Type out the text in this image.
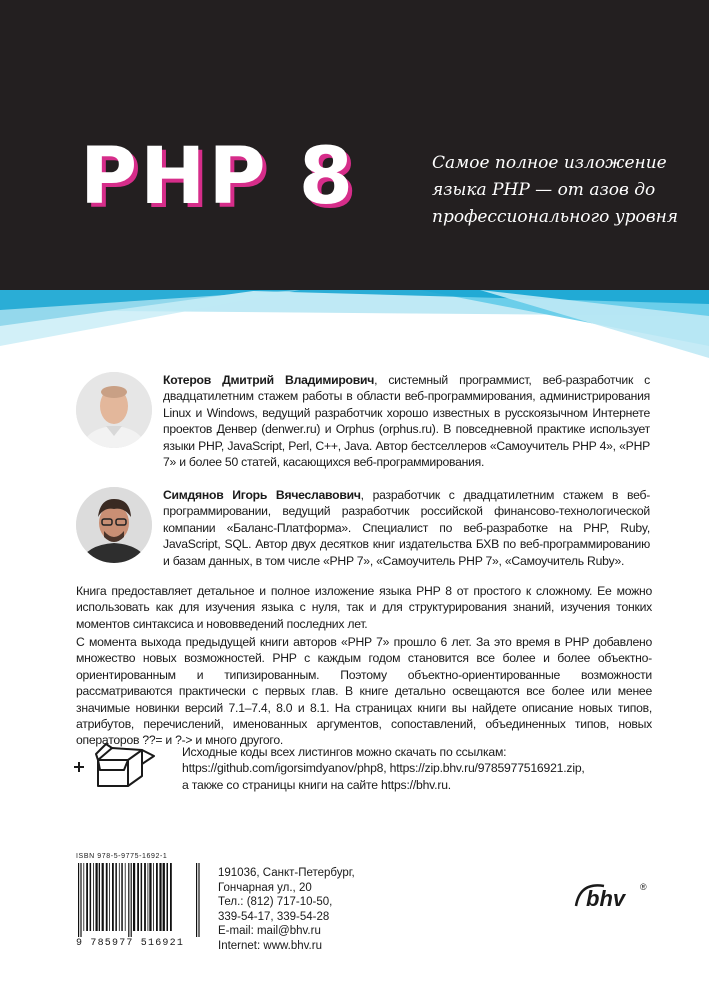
PHP 8	Самое полное изложение
языка PHP — от азов до
профессионального уровня
Котеров Дмитрий Владимирович, системный программист, веб-разработчик с двадцатилетним стажем работы в области веб-программирования, администрирования Linux и Windows, ведущий разработчик хорошо известных в русскоязычном Интернете проектов Денвер (denwer.ru) и Orphus (orphus.ru). В повседневной практике использует языки PHP, JavaScript, Perl, C++, Java. Автор бестселлеров «Самоучитель PHP 4», «PHP 7» и более 50 статей, касающихся веб-программирования.
Симдянов Игорь Вячеславович, разработчик с двадцатилетним стажем в веб-программировании, ведущий разработчик российской финансово-технологической компании «Баланс-Платформа». Специалист по веб-разработке на PHP, Ruby, JavaScript, SQL. Автор двух десятков книг издательства БХВ по веб-программированию и базам данных, в том числе «PHP 7», «Самоучитель PHP 7», «Самоучитель Ruby».
Книга предоставляет детальное и полное изложение языка PHP 8 от простого к сложному. Ее можно использовать как для изучения языка с нуля, так и для структурирования знаний, изучения тонких моментов синтаксиса и нововведений последних лет.
С момента выхода предыдущей книги авторов «PHP 7» прошло 6 лет. За это время в PHP добавлено множество новых возможностей. PHP с каждым годом становится все более и более объектно-ориентированным и типизированным. Поэтому объектно-ориентированные возможности рассматриваются практически с первых глав. В книге детально освещаются все более или менее значимые новинки версий 7.1–7.4, 8.0 и 8.1. На страницах книги вы найдете описание новых типов, атрибутов, перечислений, именованных аргументов, сопоставлений, объединенных типов, новых операторов ??= и ?-> и много другого.
Исходные коды всех листингов можно скачать по ссылкам:
https://github.com/igorsimdyanov/php8, https://zip.bhv.ru/9785977516921.zip,
а также со страницы книги на сайте https://bhv.ru.
ISBN 978-5-9775-1692-1
9 785977 516921
191036, Санкт-Петербург,
Гончарная ул., 20
Тел.: (812) 717-10-50,
339-54-17, 339-54-28
E-mail: mail@bhv.ru
Internet: www.bhv.ru
bhv ®
